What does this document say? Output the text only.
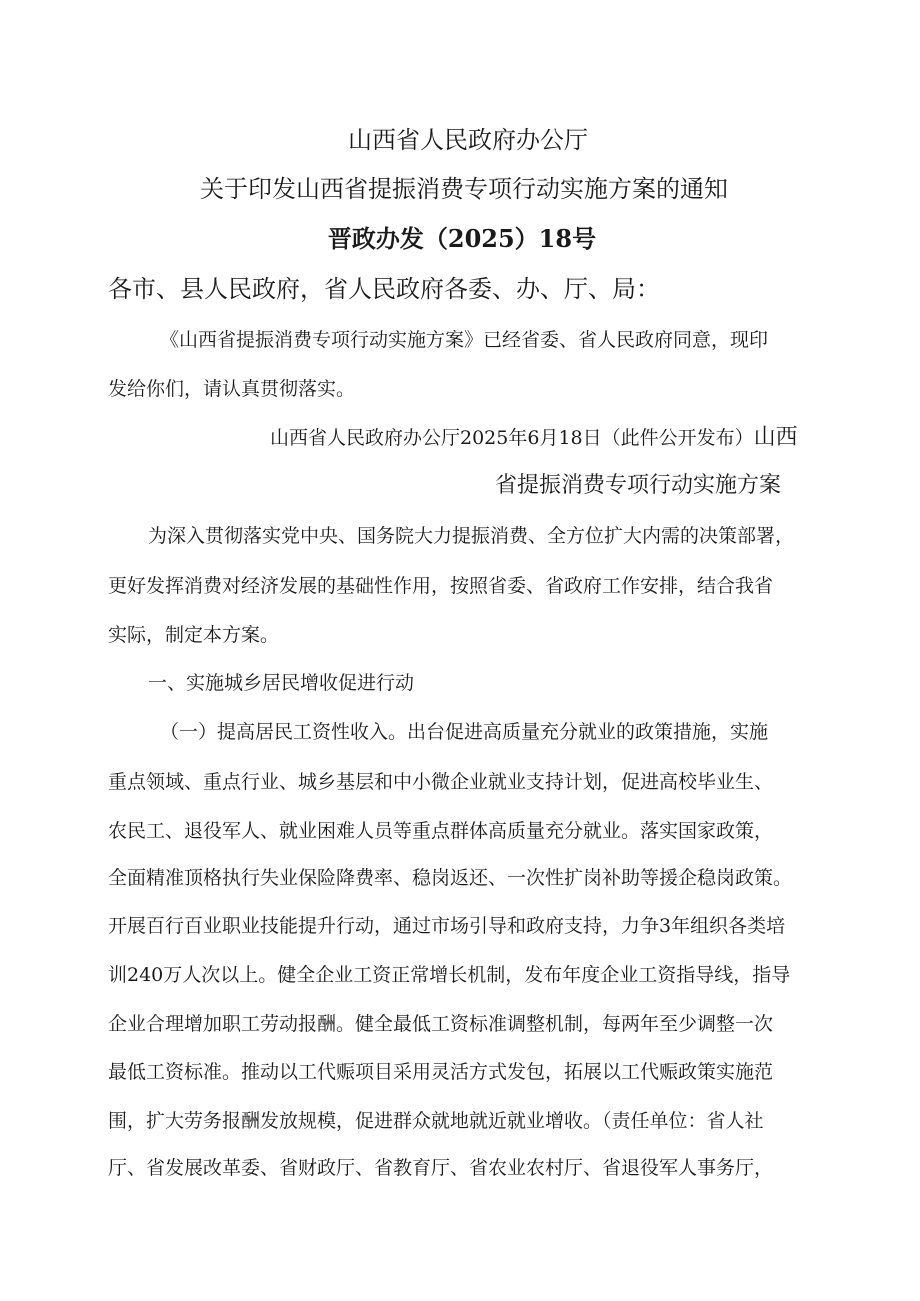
山西省人民政府办公厅

关于印发山西省提振消费专项行动实施方案的通知

晋政办发（2025）18号

各市、县人民政府，省人民政府各委、办、厅、局：

《山西省提振消费专项行动实施方案》已经省委、省人民政府同意，现印

发给你们，请认真贯彻落实。

山西省人民政府办公厅2025年6月18日（此件公开发布）山西

省提振消费专项行动实施方案

为深入贯彻落实党中央、国务院大力提振消费、全方位扩大内需的决策部署，

更好发挥消费对经济发展的基础性作用，按照省委、省政府工作安排，结合我省

实际，制定本方案。

一、实施城乡居民增收促进行动

（一）提高居民工资性收入。出台促进高质量充分就业的政策措施，实施

重点领域、重点行业、城乡基层和中小微企业就业支持计划，促进高校毕业生、

农民工、退役军人、就业困难人员等重点群体高质量充分就业。落实国家政策，

全面精准顶格执行失业保险降费率、稳岗返还、一次性扩岗补助等援企稳岗政策。

开展百行百业职业技能提升行动，通过市场引导和政府支持，力争3年组织各类培

训240万人次以上。健全企业工资正常增长机制，发布年度企业工资指导线，指导

企业合理增加职工劳动报酬。健全最低工资标准调整机制，每两年至少调整一次

最低工资标准。推动以工代赈项目采用灵活方式发包，拓展以工代赈政策实施范

围，扩大劳务报酬发放规模，促进群众就地就近就业增收。（责任单位：省人社

厅、省发展改革委、省财政厅、省教育厅、省农业农村厅、省退役军人事务厅，
